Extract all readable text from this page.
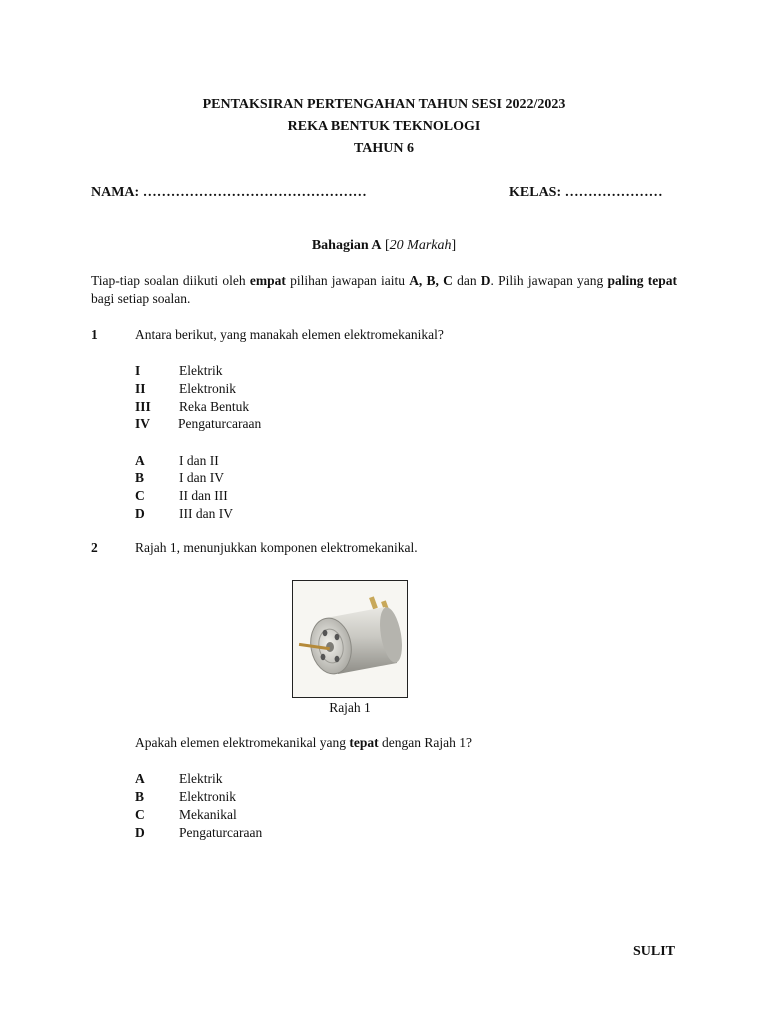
PENTAKSIRAN PERTENGAHAN TAHUN SESI 2022/2023
REKA BENTUK TEKNOLOGI
TAHUN 6
NAMA: …………………………………………	KELAS: …………………
Bahagian A [20 Markah]
Tiap-tiap soalan diikuti oleh empat pilihan jawapan iaitu A, B, C dan D. Pilih jawapan yang paling tepat bagi setiap soalan.
1	Antara berikut, yang manakah elemen elektromekanikal?
I	Elektrik
II Elektronik
III Reka Bentuk
IV Pengaturcaraan
A	I dan II
B	I dan IV
C	II dan III
D	III dan IV
2	Rajah 1, menunjukkan komponen elektromekanikal.
Rajah 1
Apakah elemen elektromekanikal yang tepat dengan Rajah 1?
A	Elektrik
B	Elektronik
C	Mekanikal
D	Pengaturcaraan
SULIT
